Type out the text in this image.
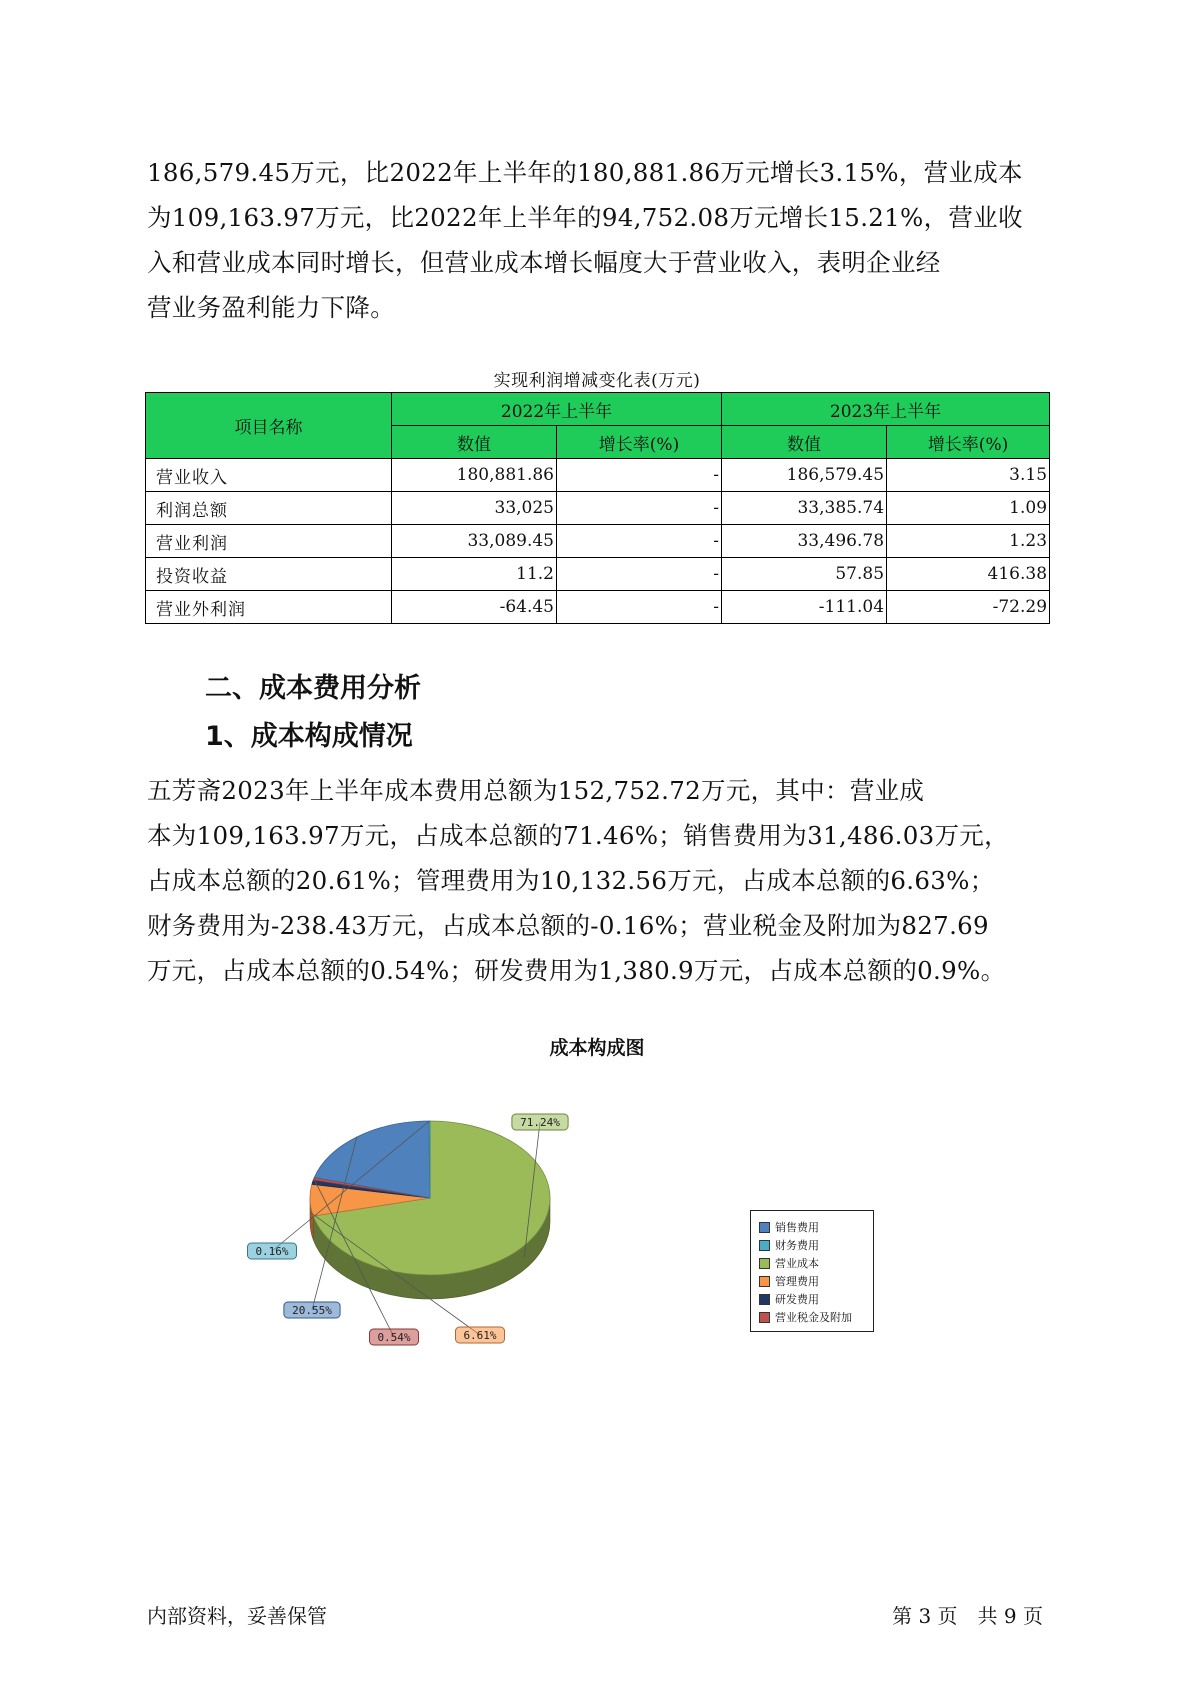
186,579.45万元，比2022年上半年的180,881.86万元增长3.15%，营业成本
为109,163.97万元，比2022年上半年的94,752.08万元增长15.21%，营业收
入和营业成本同时增长，但营业成本增长幅度大于营业收入，表明企业经
营业务盈利能力下降。
实现利润增减变化表(万元)
项目名称	2022年上半年		2023年上半年	
	数值	增长率(%)	数值	增长率(%)
营业收入	180,881.86	-	186,579.45	3.15
利润总额	33,025	-	33,385.74	1.09
营业利润	33,089.45	-	33,496.78	1.23
投资收益	11.2	-	57.85	416.38
营业外利润	-64.45	-	-111.04	-72.29
二、成本费用分析
1、成本构成情况
五芳斋2023年上半年成本费用总额为152,752.72万元，其中：营业成
本为109,163.97万元，占成本总额的71.46%；销售费用为31,486.03万元，
占成本总额的20.61%；管理费用为10,132.56万元，占成本总额的6.63%；
财务费用为-238.43万元，占成本总额的-0.16%；营业税金及附加为827.69
万元，占成本总额的0.54%；研发费用为1,380.9万元，占成本总额的0.9%。
成本构成图
71.24%
6.61%
0.54%
20.55%
0.16%
销售费用
财务费用
营业成本
管理费用
研发费用
营业税金及附加
内部资料，妥善保管	第 3 页　共 9 页
